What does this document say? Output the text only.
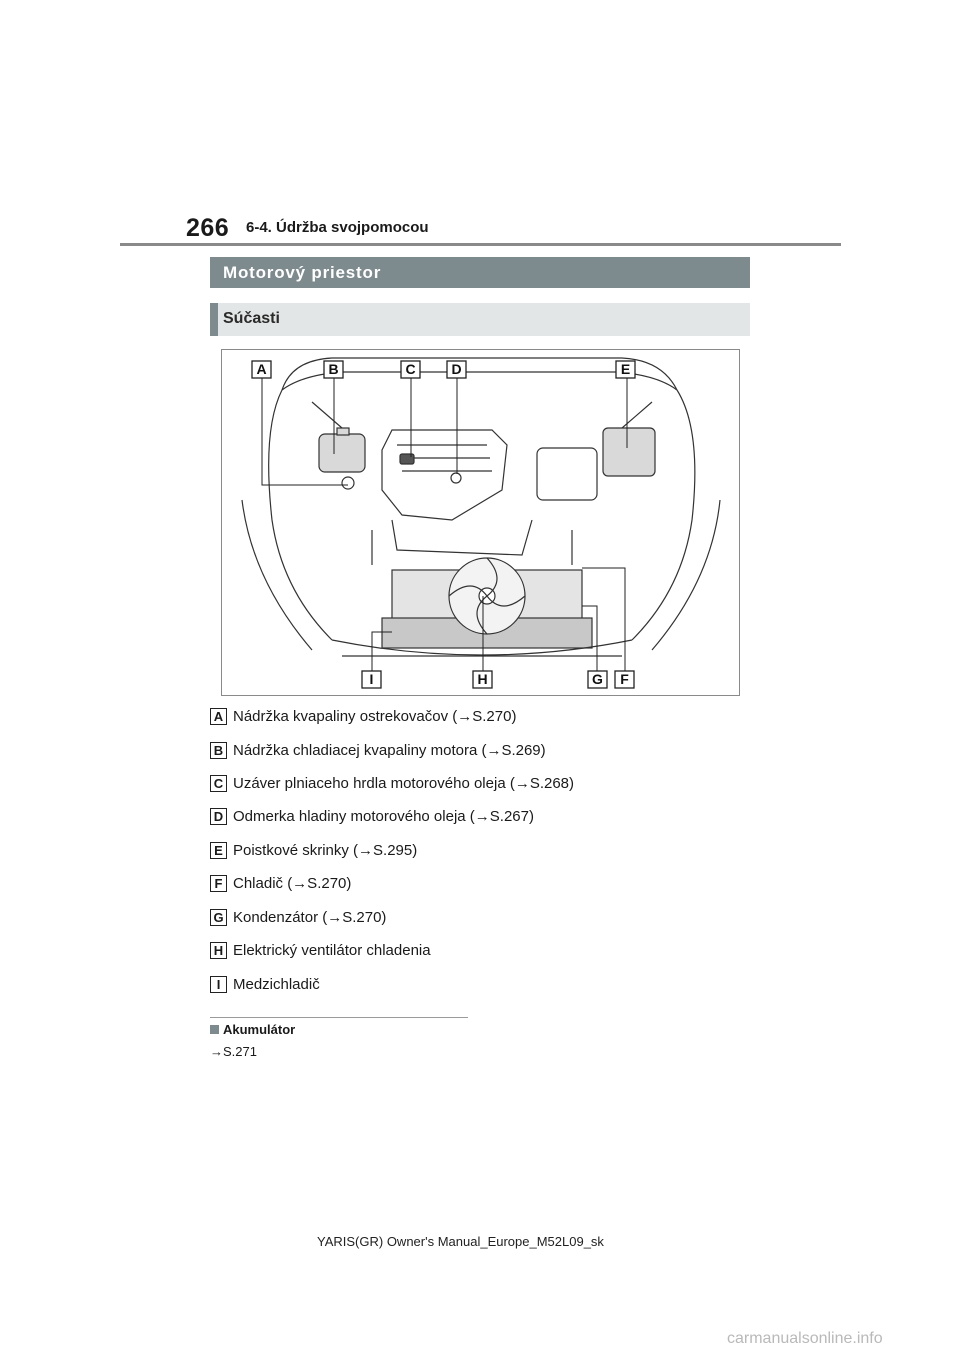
266 6-4. Údržba svojpomocou
Motorový priestor
Súčasti
A	B	C	D	E
I	H	G F
A Nádržka kvapaliny ostrekovačov (→S.270)
B Nádržka chladiacej kvapaliny motora (→S.269)
C Uzáver plniaceho hrdla motorového oleja (→S.268)
D Odmerka hladiny motorového oleja (→S.267)
E Poistkové skrinky (→S.295)
F Chladič (→S.270)
G Kondenzátor (→S.270)
H Elektrický ventilátor chladenia
I Medzichladič
Akumulátor
→S.271
YARIS(GR) Owner's Manual_Europe_M52L09_sk
carmanualsonline.info
